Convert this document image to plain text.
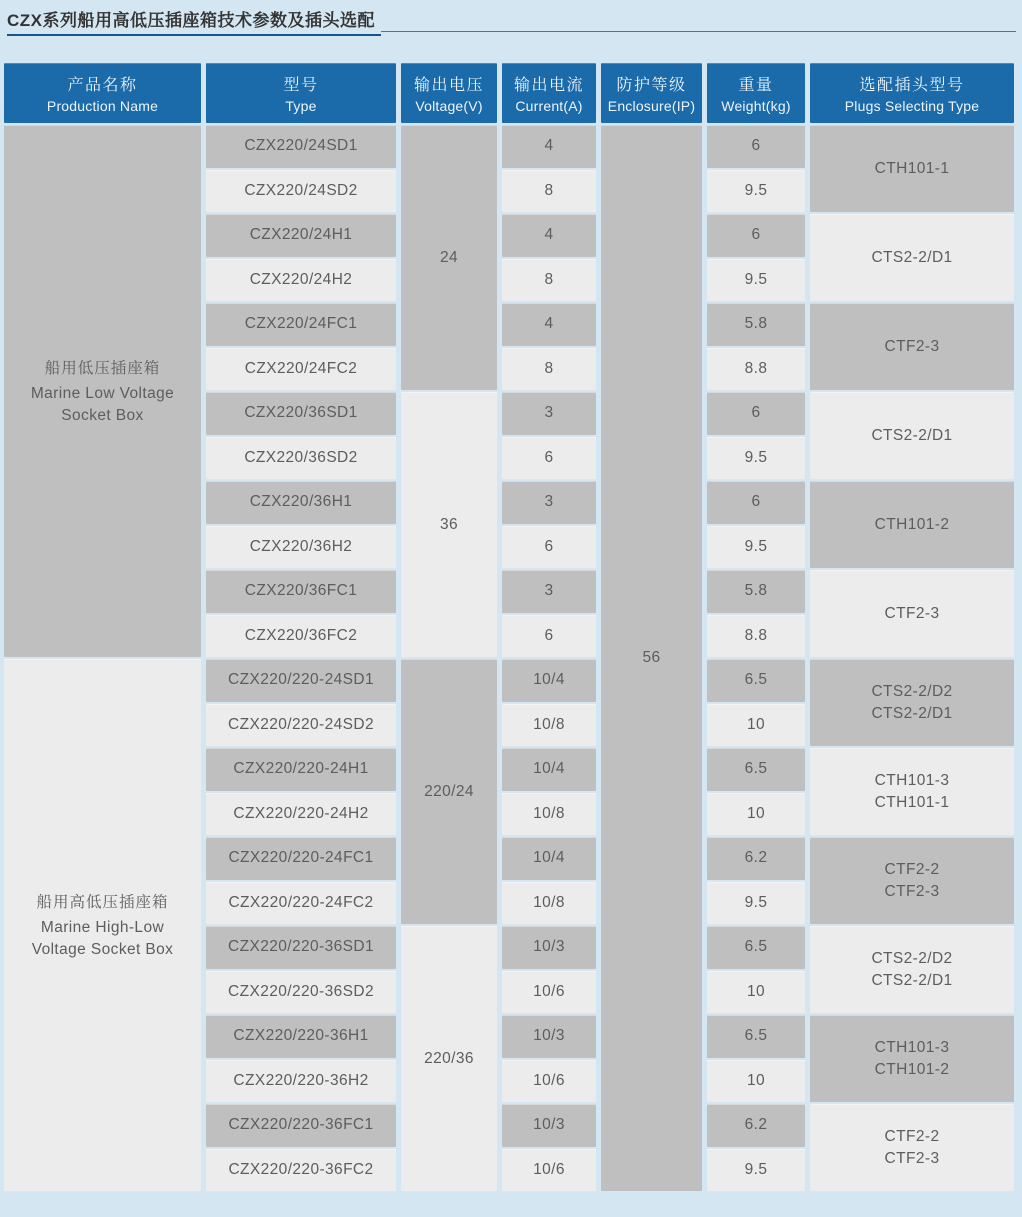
CZX系列船用高低压插座箱技术参数及插头选配
产品名称
Production Name
型号
Type
输出电压
Voltage(V)
输出电流
Current(A)
防护等级
Enclosure(IP)
重量
Weight(kg)
选配插头型号
Plugs Selecting Type
船用低压插座箱
Marine Low Voltage Socket Box
船用高低压插座箱
Marine High-Low Voltage Socket Box
CZX220/24SD1
CZX220/24SD2
CZX220/24H1
CZX220/24H2
CZX220/24FC1
CZX220/24FC2
CZX220/36SD1
CZX220/36SD2
CZX220/36H1
CZX220/36H2
CZX220/36FC1
CZX220/36FC2
CZX220/220-24SD1
CZX220/220-24SD2
CZX220/220-24H1
CZX220/220-24H2
CZX220/220-24FC1
CZX220/220-24FC2
CZX220/220-36SD1
CZX220/220-36SD2
CZX220/220-36H1
CZX220/220-36H2
CZX220/220-36FC1
CZX220/220-36FC2
24
36
220/24
220/36
4
8
4
8
4
8
3
6
3
6
3
6
10/4
10/8
10/4
10/8
10/4
10/8
10/3
10/6
10/3
10/6
10/3
10/6
56
6
9.5
6
9.5
5.8
8.8
6
9.5
6
9.5
5.8
8.8
6.5
10
6.5
10
6.2
9.5
6.5
10
6.5
10
6.2
9.5
CTH101-1
CTS2-2/D1
CTF2-3
CTS2-2/D1
CTH101-2
CTF2-3
CTS2-2/D2
CTS2-2/D1
CTH101-3
CTH101-1
CTF2-2
CTF2-3
CTS2-2/D2
CTS2-2/D1
CTH101-3
CTH101-2
CTF2-2
CTF2-3
